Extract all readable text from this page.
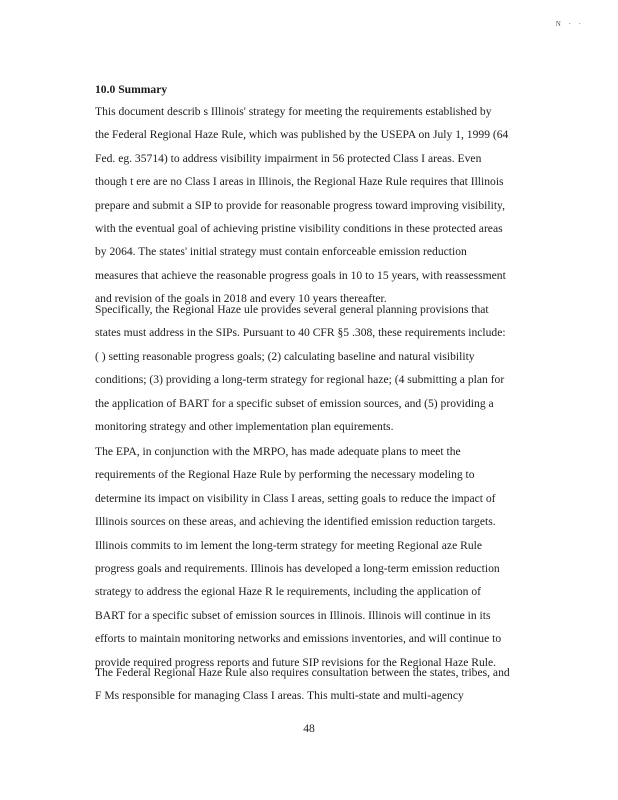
N · ·
10.0 Summary
This document describ s Illinois' strategy for meeting the requirements established by
the Federal Regional Haze Rule, which was published by the USEPA on July 1, 1999 (64
Fed. eg. 35714) to address visibility impairment in 56 protected Class I areas. Even
though t ere are no Class I areas in Illinois, the Regional Haze Rule requires that Illinois
prepare and submit a SIP to provide for reasonable progress toward improving visibility,
with the eventual goal of achieving pristine visibility conditions in these protected areas
by 2064. The states' initial strategy must contain enforceable emission reduction
measures that achieve the reasonable progress goals in 10 to 15 years, with reassessment
and revision of the goals in 2018 and every 10 years thereafter.
Specifically, the Regional Haze ule provides several general planning provisions that
states must address in the SIPs. Pursuant to 40 CFR §5 .308, these requirements include:
( ) setting reasonable progress goals; (2) calculating baseline and natural visibility
conditions; (3) providing a long-term strategy for regional haze; (4 submitting a plan for
the application of BART for a specific subset of emission sources, and (5) providing a
monitoring strategy and other implementation plan equirements.
The EPA, in conjunction with the MRPO, has made adequate plans to meet the
requirements of the Regional Haze Rule by performing the necessary modeling to
determine its impact on visibility in Class I areas, setting goals to reduce the impact of
Illinois sources on these areas, and achieving the identified emission reduction targets.
Illinois commits to im lement the long-term strategy for meeting Regional aze Rule
progress goals and requirements. Illinois has developed a long-term emission reduction
strategy to address the egional Haze R le requirements, including the application of
BART for a specific subset of emission sources in Illinois. Illinois will continue in its
efforts to maintain monitoring networks and emissions inventories, and will continue to
provide required progress reports and future SIP revisions for the Regional Haze Rule.
The Federal Regional Haze Rule also requires consultation between the states, tribes, and
F Ms responsible for managing Class I areas. This multi-state and multi-agency
48
